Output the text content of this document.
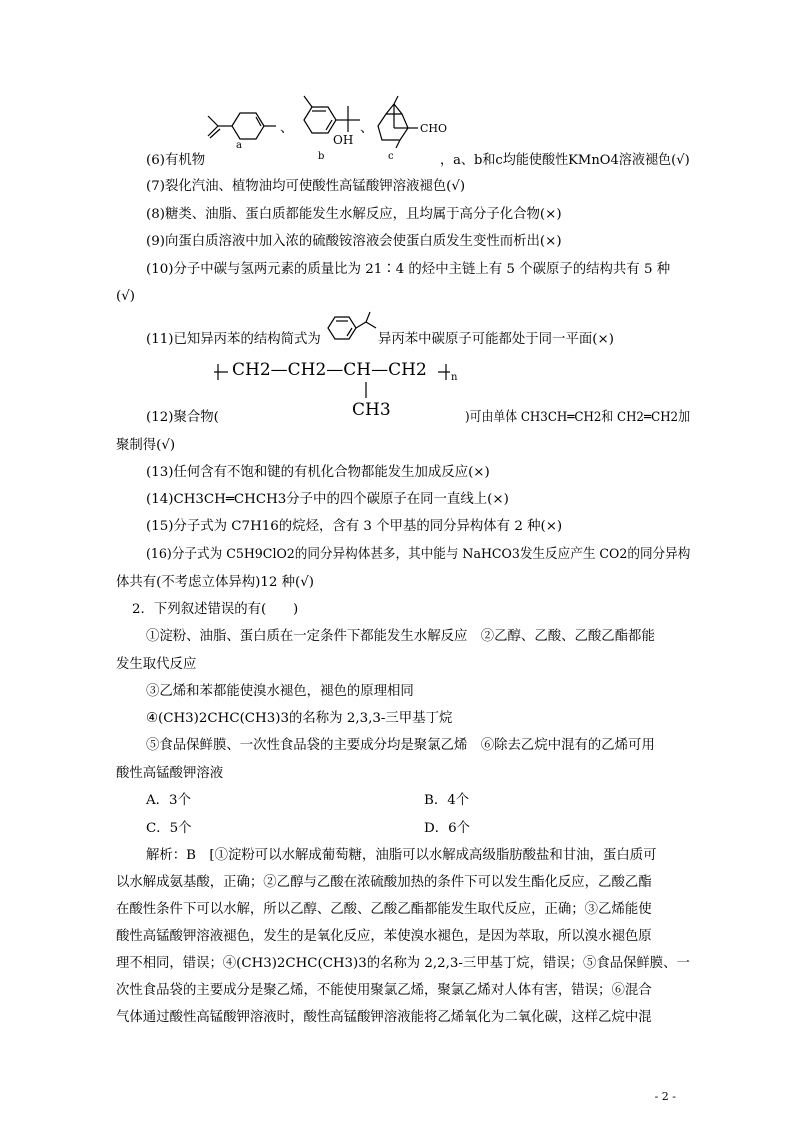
a
、
OH
b
、	CHO
c
(6)有机物	，a、b和c均能使酸性KMnO4溶液褪色(√)
(7)裂化汽油、植物油均可使酸性高锰酸钾溶液褪色(√)
(8)糖类、油脂、蛋白质都能发生水解反应，且均属于高分子化合物(×)
(9)向蛋白质溶液中加入浓的硫酸铵溶液会使蛋白质发生变性而析出(×)
(10)分子中碳与氢两元素的质量比为 21∶4 的烃中主链上有 5 个碳原子的结构共有 5 种
(√)
(11)已知异丙苯的结构简式为	异丙苯中碳原子可能都处于同一平面(×)
CH2—CH2—CH—CH2 n
CH3
(12)聚合物(	)可由单体 CH3CH═CH2和 CH2═CH2加
聚制得(√)
(13)任何含有不饱和键的有机化合物都能发生加成反应(×)
(14)CH3CH═CHCH3分子中的四个碳原子在同一直线上(×)
(15)分子式为 C7H16的烷烃，含有 3 个甲基的同分异构体有 2 种(×)
(16)分子式为 C5H9ClO2的同分异构体甚多，其中能与 NaHCO3发生反应产生 CO2的同分异构
体共有(不考虑立体异构)12 种(√)
2．下列叙述错误的有(　　)
①淀粉、油脂、蛋白质在一定条件下都能发生水解反应　②乙醇、乙酸、乙酸乙酯都能
发生取代反应
③乙烯和苯都能使溴水褪色，褪色的原理相同
④(CH3)2CHC(CH3)3的名称为 2,3,3-三甲基丁烷
⑤食品保鲜膜、一次性食品袋的主要成分均是聚氯乙烯　⑥除去乙烷中混有的乙烯可用
酸性高锰酸钾溶液
A．3个	B．4个
C．5个	D．6个
解析：B　[①淀粉可以水解成葡萄糖，油脂可以水解成高级脂肪酸盐和甘油，蛋白质可
以水解成氨基酸，正确；②乙醇与乙酸在浓硫酸加热的条件下可以发生酯化反应，乙酸乙酯
在酸性条件下可以水解，所以乙醇、乙酸、乙酸乙酯都能发生取代反应，正确；③乙烯能使
酸性高锰酸钾溶液褪色，发生的是氧化反应，苯使溴水褪色，是因为萃取，所以溴水褪色原
理不相同，错误；④(CH3)2CHC(CH3)3的名称为 2,2,3-三甲基丁烷，错误；⑤食品保鲜膜、一
次性食品袋的主要成分是聚乙烯，不能使用聚氯乙烯，聚氯乙烯对人体有害，错误；⑥混合
气体通过酸性高锰酸钾溶液时，酸性高锰酸钾溶液能将乙烯氧化为二氧化碳，这样乙烷中混
- 2 -
